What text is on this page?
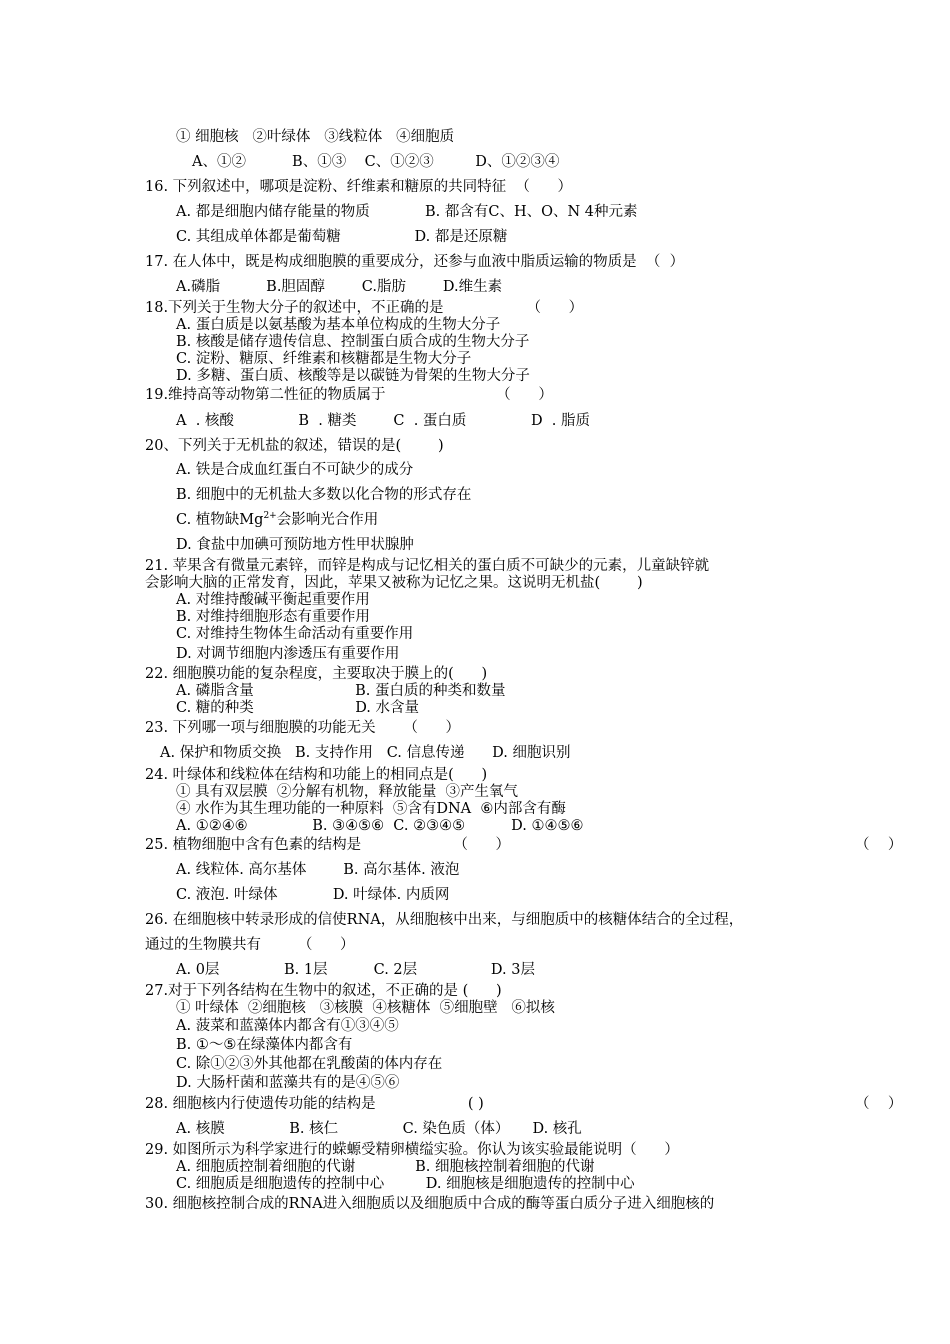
① 细胞核   ②叶绿体   ③线粒体   ④细胞质
A、①②          B、①③    C、①②③         D、①②③④
16. 下列叙述中，哪项是淀粉、纤维素和糖原的共同特征  （      ）
A. 都是细胞内储存能量的物质            B. 都含有C、H、O、N 4种元素
C. 其组成单体都是葡萄糖                D. 都是还原糖
17. 在人体中，既是构成细胞膜的重要成分，还参与血液中脂质运输的物质是  （  ）
A.磷脂          B.胆固醇        C.脂肪        D.维生素
18.下列关于生物大分子的叙述中，不正确的是                  （      ）
A. 蛋白质是以氨基酸为基本单位构成的生物大分子
B. 核酸是储存遗传信息、控制蛋白质合成的生物大分子
C. 淀粉、糖原、纤维素和核糖都是生物大分子
D. 多糖、蛋白质、核酸等是以碳链为骨架的生物大分子
19.维持高等动物第二性征的物质属于                        （      ）
A  . 核酸              B  . 糖类        C  . 蛋白质              D  . 脂质
20、下列关于无机盐的叙述，错误的是(        )
A. 铁是合成血红蛋白不可缺少的成分
B. 细胞中的无机盐大多数以化合物的形式存在
C. 植物缺$Mg^{2+}$会影响光合作用
D. 食盐中加碘可预防地方性甲状腺肿
21. 苹果含有微量元素锌，而锌是构成与记忆相关的蛋白质不可缺少的元素，儿童缺锌就
会影响大脑的正常发育，因此，苹果又被称为记忆之果。这说明无机盐(        )
A. 对维持酸碱平衡起重要作用
B. 对维持细胞形态有重要作用
C. 对维持生物体生命活动有重要作用
D. 对调节细胞内渗透压有重要作用
22. 细胞膜功能的复杂程度，主要取决于膜上的(      )
A. 磷脂含量                      B. 蛋白质的种类和数量
C. 糖的种类                      D. 水含量
23. 下列哪一项与细胞膜的功能无关      （      ）
A. 保护和物质交换   B. 支持作用   C. 信息传递      D. 细胞识别
24. 叶绿体和线粒体在结构和功能上的相同点是(      )
① 具有双层膜  ②分解有机物，释放能量  ③产生氧气
④ 水作为其生理功能的一种原料  ⑤含有DNA  ⑥内部含有酶
A. ①②④⑥              B. ③④⑤⑥  C. ②③④⑤          D. ①④⑤⑥
25. 植物细胞中含有色素的结构是                    （      ）	（    ）
A. 线粒体. 高尔基体        B. 高尔基体. 液泡
C. 液泡. 叶绿体            D. 叶绿体. 内质网
26. 在细胞核中转录形成的信使RNA，从细胞核中出来，与细胞质中的核糖体结合的全过程，
通过的生物膜共有        （      ）
A. 0层              B. 1层          C. 2层                D. 3层
27.对于下列各结构在生物中的叙述，不正确的是 (      )
① 叶绿体  ②细胞核   ③核膜  ④核糖体  ⑤细胞壁   ⑥拟核
A. 菠菜和蓝藻体内都含有①③④⑤
B. ①～⑤在绿藻体内都含有
C. 除①②③外其他都在乳酸菌的体内存在
D. 大肠杆菌和蓝藻共有的是④⑤⑥
28. 细胞核内行使遗传功能的结构是                    ( )	（    ）
A. 核膜              B. 核仁              C. 染色质（体）     D. 核孔
29. 如图所示为科学家进行的蝾螈受精卵横缢实验。你认为该实验最能说明（      ）
A. 细胞质控制着细胞的代谢             B. 细胞核控制着细胞的代谢
C. 细胞质是细胞遗传的控制中心         D. 细胞核是细胞遗传的控制中心
30. 细胞核控制合成的RNA进入细胞质以及细胞质中合成的酶等蛋白质分子进入细胞核的
